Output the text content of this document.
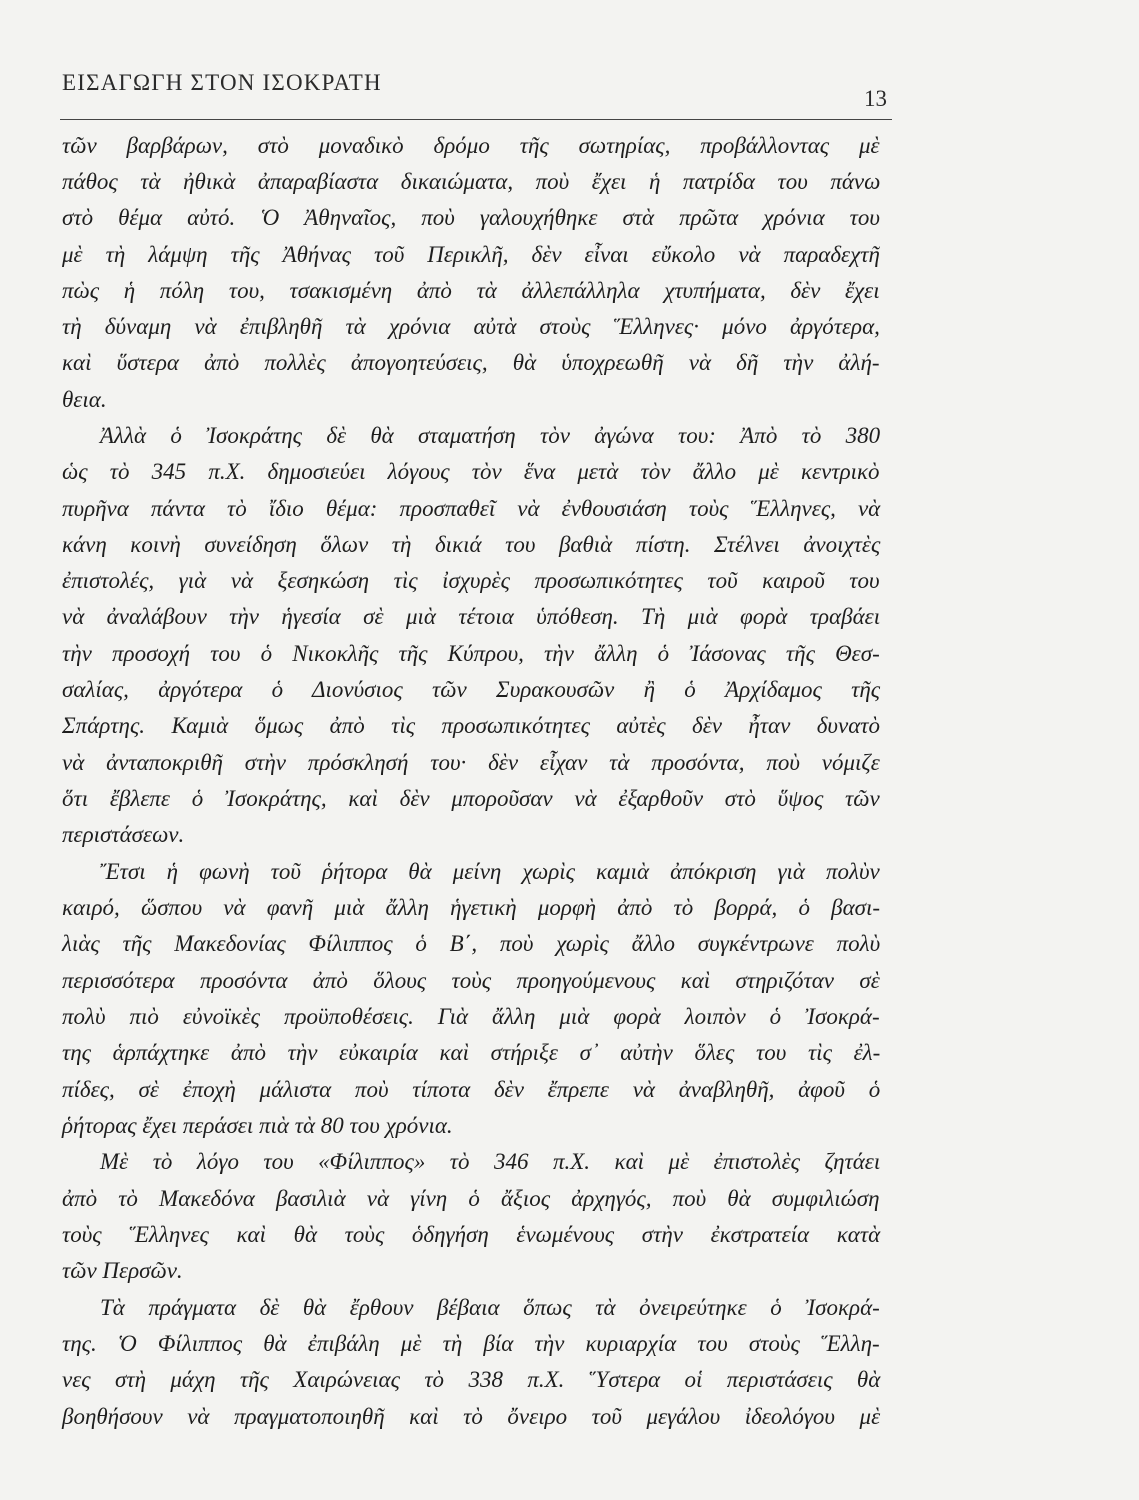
ΕΙΣΑΓΩΓΗ ΣΤΟΝ ΙΣΟΚΡΑΤΗ
13
τῶν βαρβάρων, στὸ μοναδικὸ δρόμο τῆς σωτηρίας, προβάλλοντας μὲ
πάθος τὰ ἠθικὰ ἀπαραβίαστα δικαιώματα, ποὺ ἔχει ἡ πατρίδα του πάνω
στὸ θέμα αὐτό. Ὁ Ἀθηναῖος, ποὺ γαλουχήθηκε στὰ πρῶτα χρόνια του
μὲ τὴ λάμψη τῆς Ἀθήνας τοῦ Περικλῆ, δὲν εἶναι εὔκολο νὰ παραδεχτῆ
πὼς ἡ πόλη του, τσακισμένη ἀπὸ τὰ ἀλλεπάλληλα χτυπήματα, δὲν ἔχει
τὴ δύναμη νὰ ἐπιβληθῆ τὰ χρόνια αὐτὰ στοὺς Ἕλληνες· μόνο ἀργότερα,
καὶ ὕστερα ἀπὸ πολλὲς ἀπογοητεύσεις, θὰ ὑποχρεωθῆ νὰ δῆ τὴν ἀλή-
θεια.
Ἀλλὰ ὁ Ἰσοκράτης δὲ θὰ σταματήση τὸν ἀγώνα του: Ἀπὸ τὸ 380
ὡς τὸ 345 π.Χ. δημοσιεύει λόγους τὸν ἕνα μετὰ τὸν ἄλλο μὲ κεντρικὸ
πυρῆνα πάντα τὸ ἴδιο θέμα: προσπαθεῖ νὰ ἐνθουσιάση τοὺς Ἕλληνες, νὰ
κάνη κοινὴ συνείδηση ὅλων τὴ δικιά του βαθιὰ πίστη. Στέλνει ἀνοιχτὲς
ἐπιστολές, γιὰ νὰ ξεσηκώση τὶς ἰσχυρὲς προσωπικότητες τοῦ καιροῦ του
νὰ ἀναλάβουν τὴν ἡγεσία σὲ μιὰ τέτοια ὑπόθεση. Τὴ μιὰ φορὰ τραβάει
τὴν προσοχή του ὁ Νικοκλῆς τῆς Κύπρου, τὴν ἄλλη ὁ Ἰάσονας τῆς Θεσ-
σαλίας, ἀργότερα ὁ Διονύσιος τῶν Συρακουσῶν ἢ ὁ Ἀρχίδαμος τῆς
Σπάρτης. Καμιὰ ὅμως ἀπὸ τὶς προσωπικότητες αὐτὲς δὲν ἦταν δυνατὸ
νὰ ἀνταποκριθῆ στὴν πρόσκλησή του· δὲν εἶχαν τὰ προσόντα, ποὺ νόμιζε
ὅτι ἔβλεπε ὁ Ἰσοκράτης, καὶ δὲν μποροῦσαν νὰ ἐξαρθοῦν στὸ ὕψος τῶν
περιστάσεων.
Ἔτσι ἡ φωνὴ τοῦ ῥήτορα θὰ μείνη χωρὶς καμιὰ ἀπόκριση γιὰ πολὺν
καιρό, ὥσπου νὰ φανῆ μιὰ ἄλλη ἡγετικὴ μορφὴ ἀπὸ τὸ βορρά, ὁ βασι-
λιὰς τῆς Μακεδονίας Φίλιππος ὁ Β΄, ποὺ χωρὶς ἄλλο συγκέντρωνε πολὺ
περισσότερα προσόντα ἀπὸ ὅλους τοὺς προηγούμενους καὶ στηριζόταν σὲ
πολὺ πιὸ εὐνοϊκὲς προϋποθέσεις. Γιὰ ἄλλη μιὰ φορὰ λοιπὸν ὁ Ἰσοκρά-
της ἁρπάχτηκε ἀπὸ τὴν εὐκαιρία καὶ στήριξε σ᾽ αὐτὴν ὅλες του τὶς ἐλ-
πίδες, σὲ ἐποχὴ μάλιστα ποὺ τίποτα δὲν ἔπρεπε νὰ ἀναβληθῆ, ἀφοῦ ὁ
ῥήτορας ἔχει περάσει πιὰ τὰ 80 του χρόνια.
Μὲ τὸ λόγο του «Φίλιππος» τὸ 346 π.Χ. καὶ μὲ ἐπιστολὲς ζητάει
ἀπὸ τὸ Μακεδόνα βασιλιὰ νὰ γίνη ὁ ἄξιος ἀρχηγός, ποὺ θὰ συμφιλιώση
τοὺς Ἕλληνες καὶ θὰ τοὺς ὁδηγήση ἑνωμένους στὴν ἐκστρατεία κατὰ
τῶν Περσῶν.
Τὰ πράγματα δὲ θὰ ἔρθουν βέβαια ὅπως τὰ ὀνειρεύτηκε ὁ Ἰσοκρά-
της. Ὁ Φίλιππος θὰ ἐπιβάλη μὲ τὴ βία τὴν κυριαρχία του στοὺς Ἕλλη-
νες στὴ μάχη τῆς Χαιρώνειας τὸ 338 π.Χ. Ὕστερα οἱ περιστάσεις θὰ
βοηθήσουν νὰ πραγματοποιηθῆ καὶ τὸ ὄνειρο τοῦ μεγάλου ἰδεολόγου μὲ
